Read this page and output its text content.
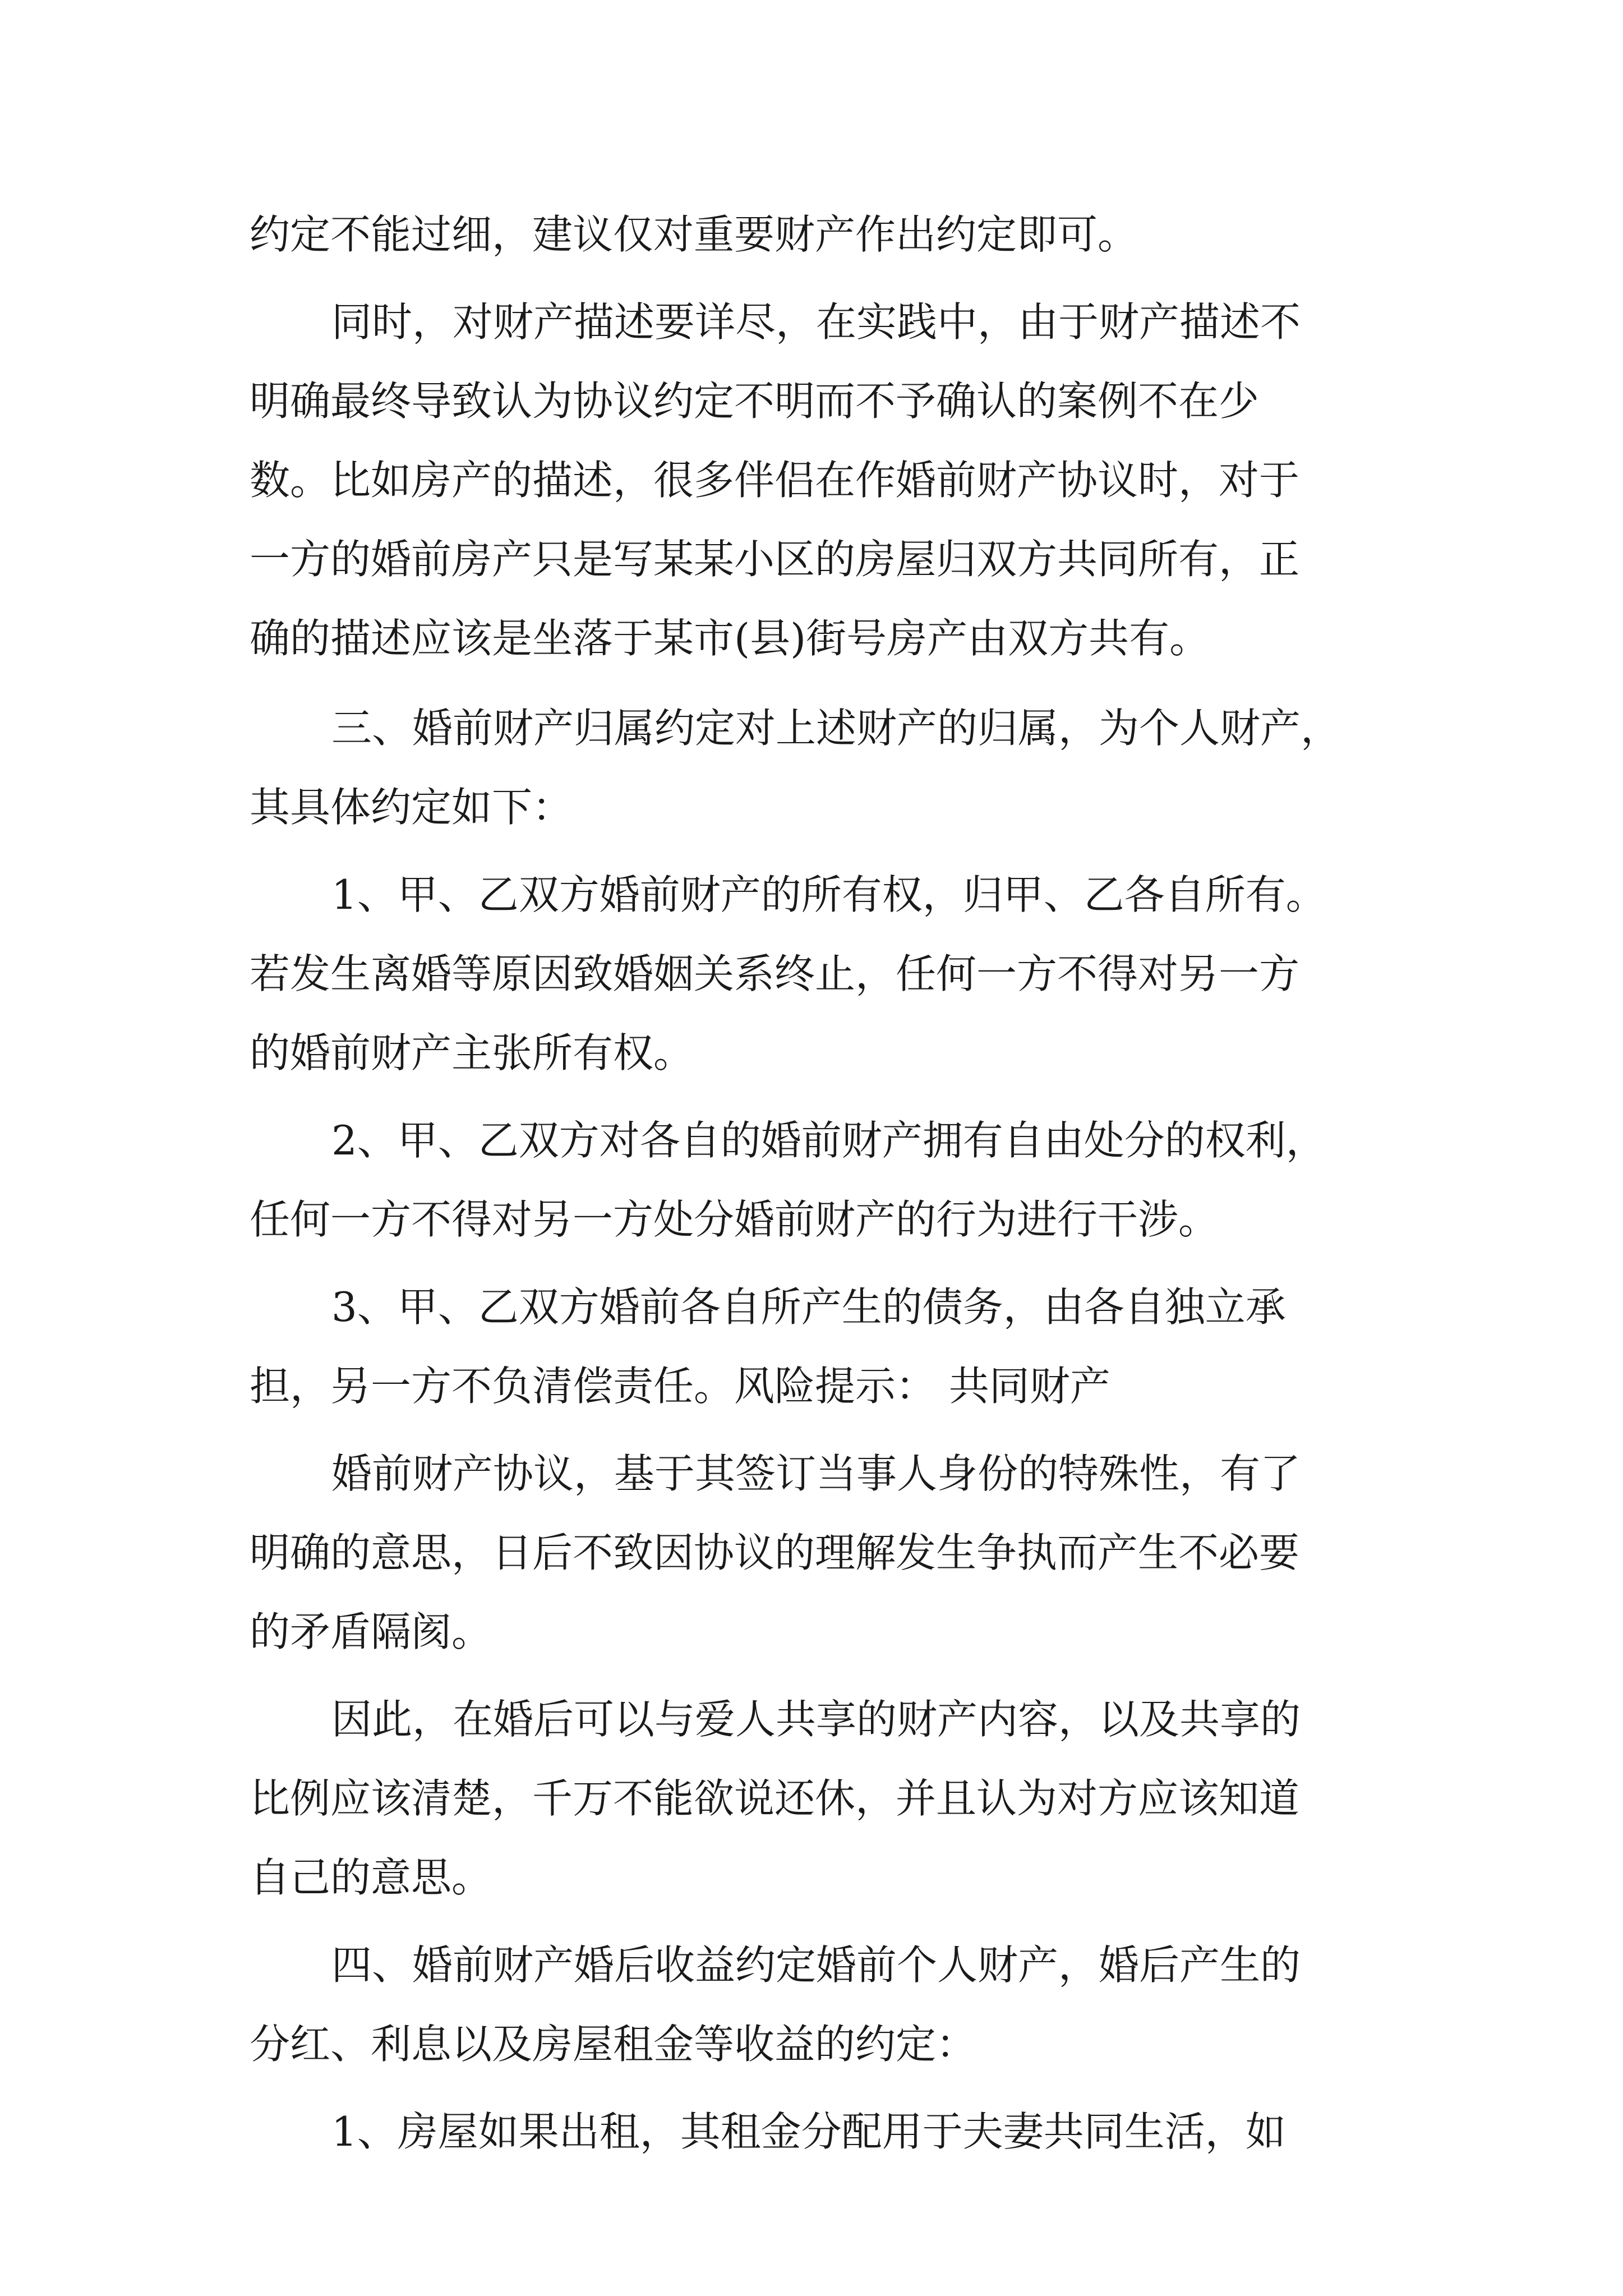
约定不能过细，建议仅对重要财产作出约定即可。
同时，对财产描述要详尽，在实践中，由于财产描述不
明确最终导致认为协议约定不明而不予确认的案例不在少
数。比如房产的描述，很多伴侣在作婚前财产协议时，对于
一方的婚前房产只是写某某小区的房屋归双方共同所有，正
确的描述应该是坐落于某市(县)街号房产由双方共有。
三、婚前财产归属约定对上述财产的归属，为个人财产，
其具体约定如下：
1、甲、乙双方婚前财产的所有权，归甲、乙各自所有。
若发生离婚等原因致婚姻关系终止，任何一方不得对另一方
的婚前财产主张所有权。
2、甲、乙双方对各自的婚前财产拥有自由处分的权利，
任何一方不得对另一方处分婚前财产的行为进行干涉。
3、甲、乙双方婚前各自所产生的债务，由各自独立承
担，另一方不负清偿责任。风险提示： 共同财产
婚前财产协议，基于其签订当事人身份的特殊性，有了
明确的意思，日后不致因协议的理解发生争执而产生不必要
的矛盾隔阂。
因此，在婚后可以与爱人共享的财产内容，以及共享的
比例应该清楚，千万不能欲说还休，并且认为对方应该知道
自己的意思。
四、婚前财产婚后收益约定婚前个人财产，婚后产生的
分红、利息以及房屋租金等收益的约定：
1、房屋如果出租，其租金分配用于夫妻共同生活，如
